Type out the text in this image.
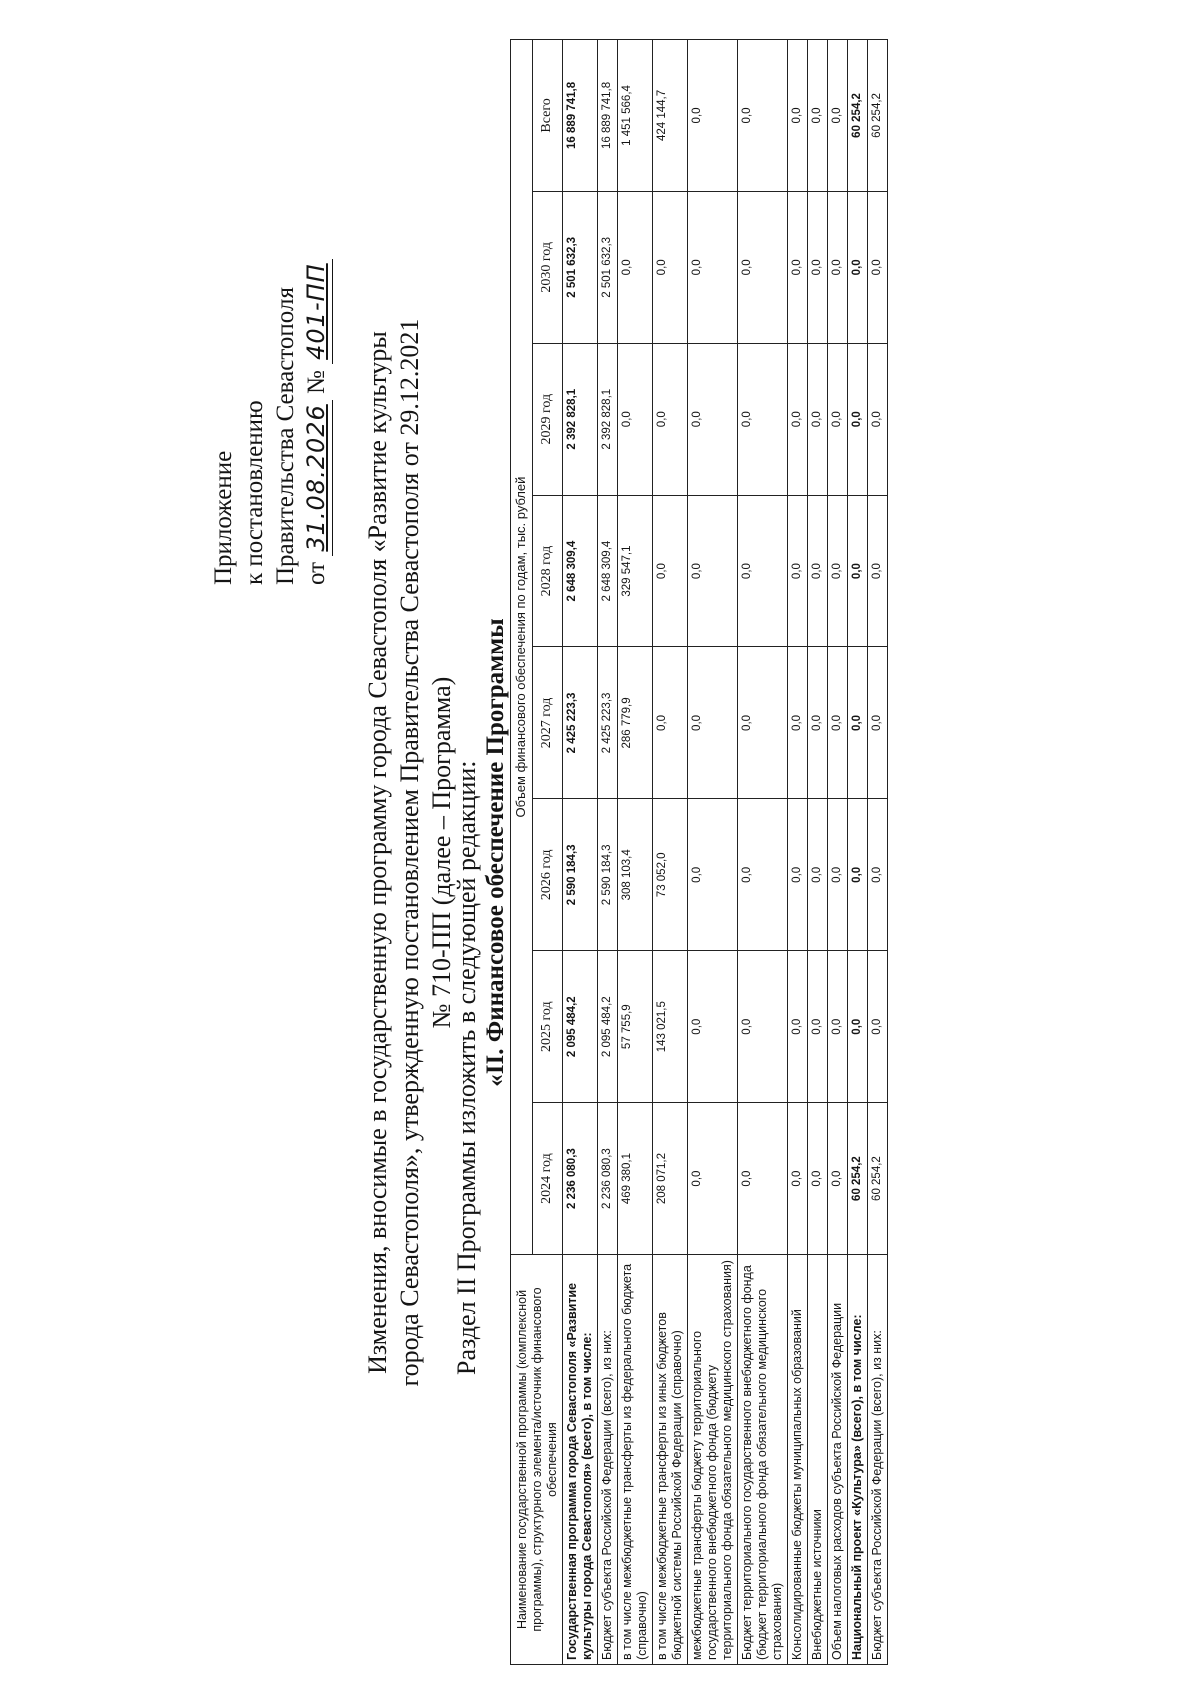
Приложение к постановлению Правительства Севастополя от 31.08.2026 № 401-ПП
Изменения, вносимые в государственную программу города Севастополя «Развитие культуры города Севастополя», утвержденную постановлением Правительства Севастополя от 29.12.2021 № 710-ПП (далее – Программа)
Раздел II Программы изложить в следующей редакции: «II. Финансовое обеспечение Программы
Наименование государственной программы (комплексной программы), структурного элемента/источник финансового обеспечения	Объем финансового обеспечения по годам, тыс. рублей							
	2024 год	2025 год	2026 год	2027 год	2028 год	2029 год	2030 год	Всего
Государственная программа города Севастополя «Развитие культуры города Севастополя» (всего), в том числе:	2 236 080,3	2 095 484,2	2 590 184,3	2 425 223,3	2 648 309,4	2 392 828,1	2 501 632,3	16 889 741,8
Бюджет субъекта Российской Федерации (всего), из них:	2 236 080,3	2 095 484,2	2 590 184,3	2 425 223,3	2 648 309,4	2 392 828,1	2 501 632,3	16 889 741,8
в том числе межбюджетные трансферты из федерального бюджета (справочно)	469 380,1	57 755,9	308 103,4	286 779,9	329 547,1	0,0	0,0	1 451 566,4
в том числе межбюджетные трансферты из иных бюджетов бюджетной системы Российской Федерации (справочно)	208 071,2	143 021,5	73 052,0	0,0	0,0	0,0	0,0	424 144,7
межбюджетные трансферты бюджету территориального государственного внебюджетного фонда (бюджету территориального фонда обязательного медицинского страхования)	0,0	0,0	0,0	0,0	0,0	0,0	0,0	0,0
Бюджет территориального государственного внебюджетного фонда (бюджет территориального фонда обязательного медицинского страхования)	0,0	0,0	0,0	0,0	0,0	0,0	0,0	0,0
Консолидированные бюджеты муниципальных образований	0,0	0,0	0,0	0,0	0,0	0,0	0,0	0,0
Внебюджетные источники	0,0	0,0	0,0	0,0	0,0	0,0	0,0	0,0
Объем налоговых расходов субъекта Российской Федерации	0,0	0,0	0,0	0,0	0,0	0,0	0,0	0,0
Национальный проект «Культура» (всего), в том числе:	60 254,2	0,0	0,0	0,0	0,0	0,0	0,0	60 254,2
Бюджет субъекта Российской Федерации (всего), из них:	60 254,2	0,0	0,0	0,0	0,0	0,0	0,0	60 254,2
